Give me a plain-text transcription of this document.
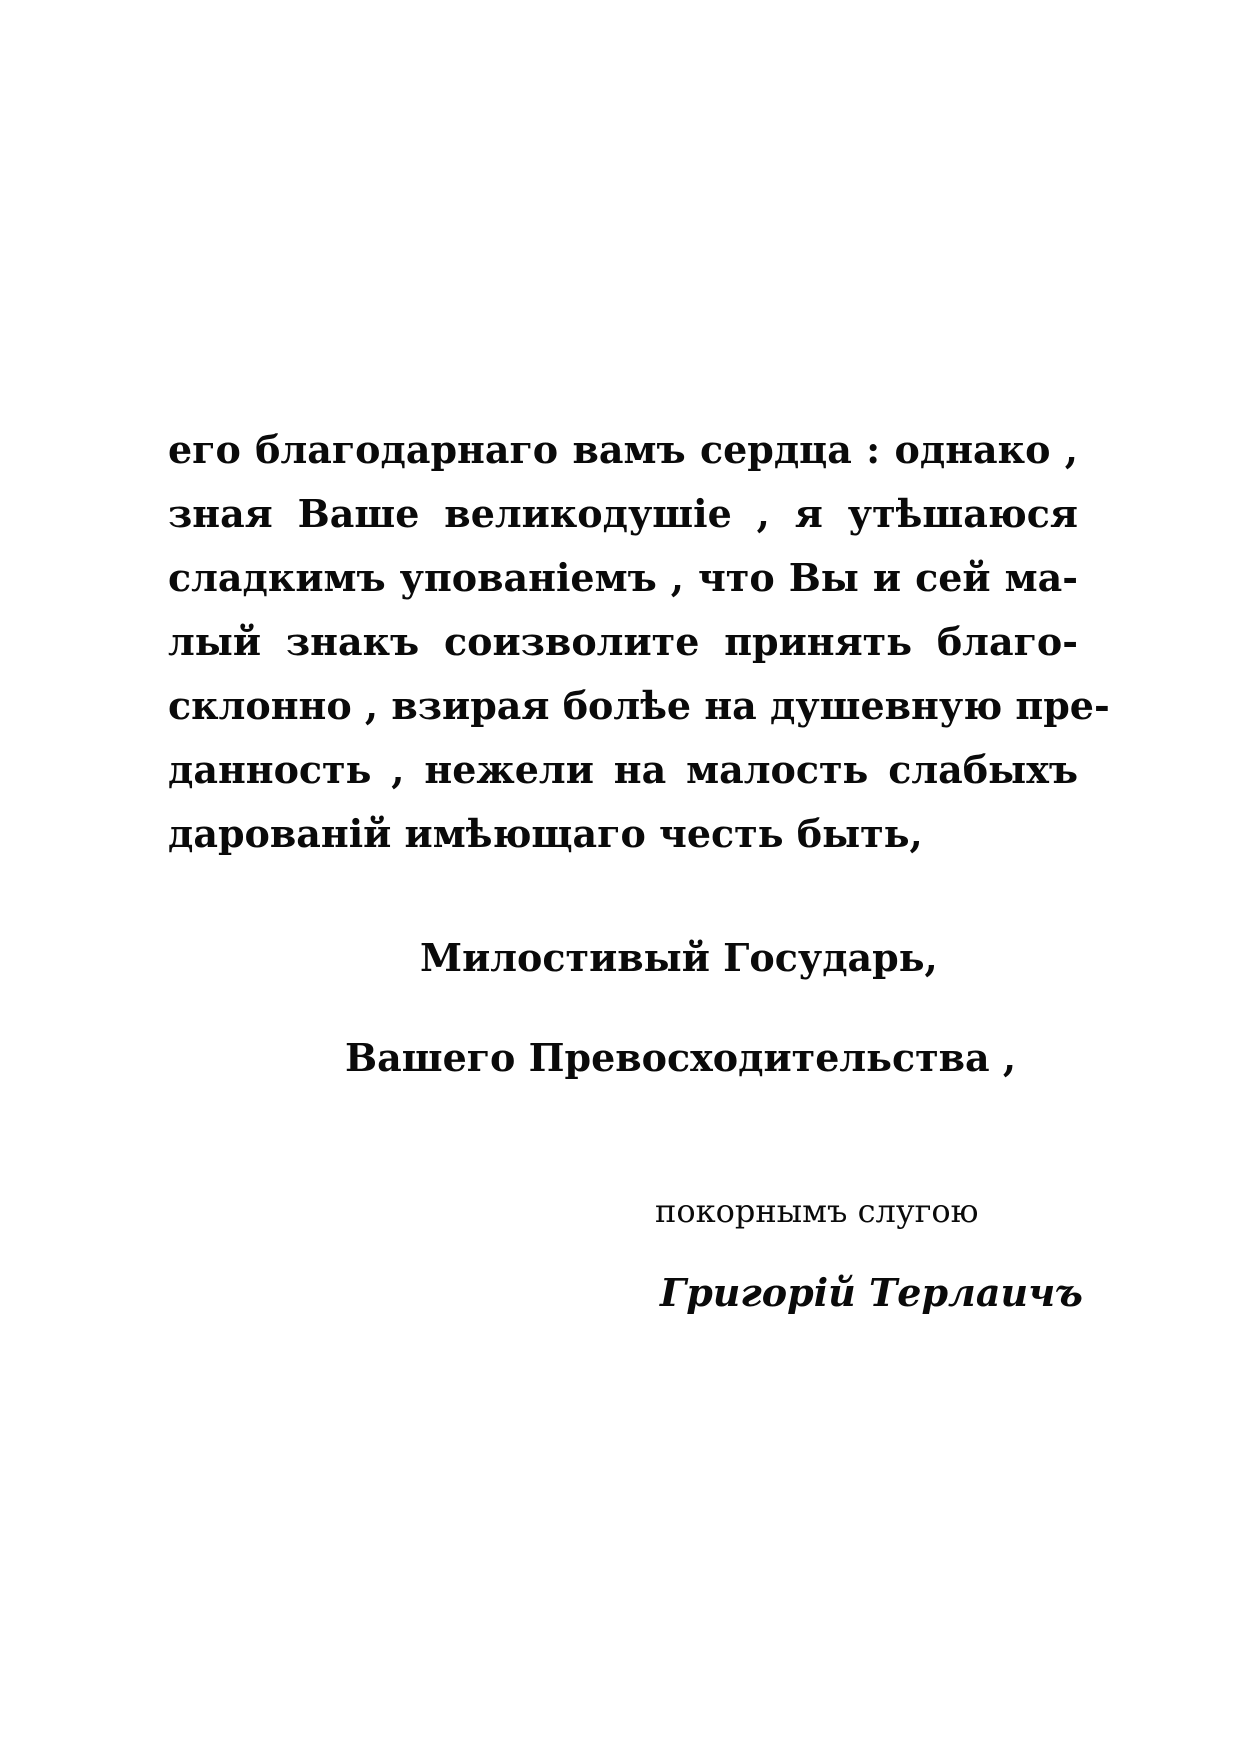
его благодарнаго вамъ сердца : однако ,
зная Ваше великодушіе , я утѣшаюся
сладкимъ упованіемъ , что Вы и сей ма-
лый знакъ соизволите принять благо-
склонно , взирая болѣе на душевную пре-
данность , нежели на малость слабыхъ
дарованій имѣющаго честь быть,
Милостивый Государь,
Вашего Превосходительства ,
покорнымъ слугою
Григорій Терлаичъ
